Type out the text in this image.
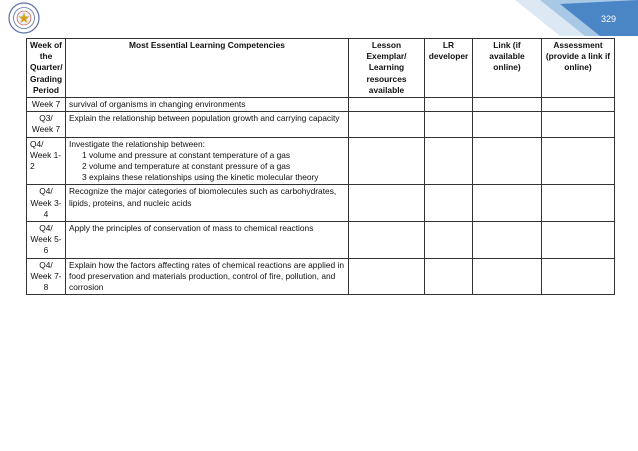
329
Week of the Quarter/ Grading Period	Most Essential Learning Competencies	Lesson Exemplar/ Learning resources available	LR developer	Link (if available online)	Assessment (provide a link if online)
Week 7	survival of organisms in changing environments				
Q3/ Week 7	Explain the relationship between population growth and carrying capacity				
Q4/ Week 1- 2	Investigate the relationship between:
1 volume and pressure at constant temperature of a gas
2 volume and temperature at constant pressure of a gas
3 explains these relationships using the kinetic molecular theory				

Q4/ Week 3- 4	Recognize the major categories of biomolecules such as carbohydrates, lipids, proteins, and nucleic acids				
Q4/ Week 5- 6	Apply the principles of conservation of mass to chemical reactions				
Q4/ Week 7- 8	Explain how the factors affecting rates of chemical reactions are applied in food preservation and materials production, control of fire, pollution, and corrosion				
